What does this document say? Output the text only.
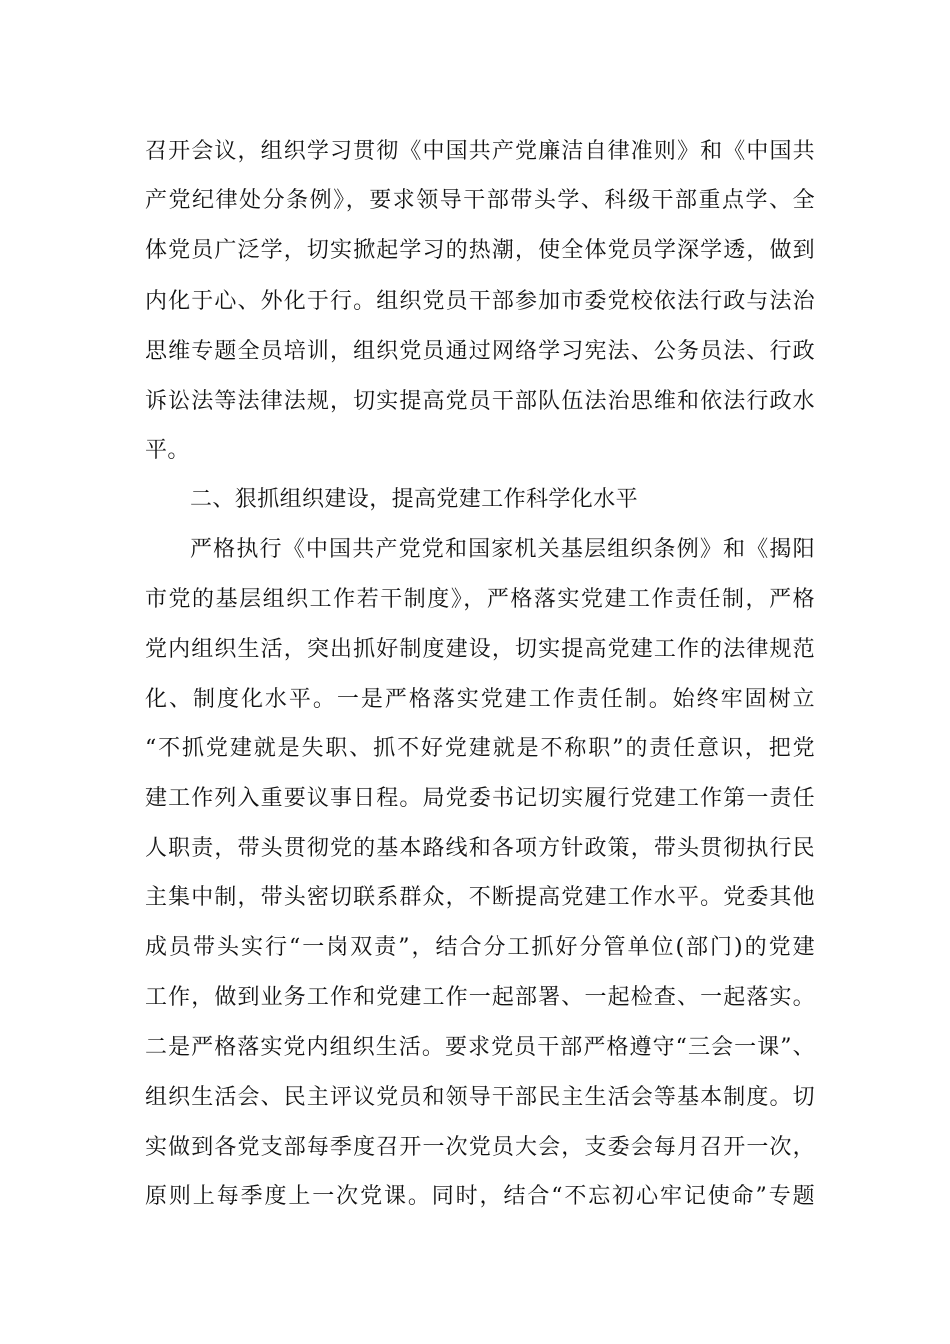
召开会议，组织学习贯彻《中国共产党廉洁自律准则》和《中国共
产党纪律处分条例》，要求领导干部带头学、科级干部重点学、全
体党员广泛学，切实掀起学习的热潮，使全体党员学深学透，做到
内化于心、外化于行。组织党员干部参加市委党校依法行政与法治
思维专题全员培训，组织党员通过网络学习宪法、公务员法、行政
诉讼法等法律法规，切实提高党员干部队伍法治思维和依法行政水
平。
二、狠抓组织建设，提高党建工作科学化水平
严格执行《中国共产党党和国家机关基层组织条例》和《揭阳
市党的基层组织工作若干制度》，严格落实党建工作责任制，严格
党内组织生活，突出抓好制度建设，切实提高党建工作的法律规范
化、制度化水平。一是严格落实党建工作责任制。始终牢固树立
“不抓党建就是失职、抓不好党建就是不称职”的责任意识，把党
建工作列入重要议事日程。局党委书记切实履行党建工作第一责任
人职责，带头贯彻党的基本路线和各项方针政策，带头贯彻执行民
主集中制，带头密切联系群众，不断提高党建工作水平。党委其他
成员带头实行“一岗双责”，结合分工抓好分管单位(部门)的党建
工作，做到业务工作和党建工作一起部署、一起检查、一起落实。
二是严格落实党内组织生活。要求党员干部严格遵守“三会一课”、
组织生活会、民主评议党员和领导干部民主生活会等基本制度。切
实做到各党支部每季度召开一次党员大会，支委会每月召开一次，
原则上每季度上一次党课。同时，结合“不忘初心牢记使命”专题
